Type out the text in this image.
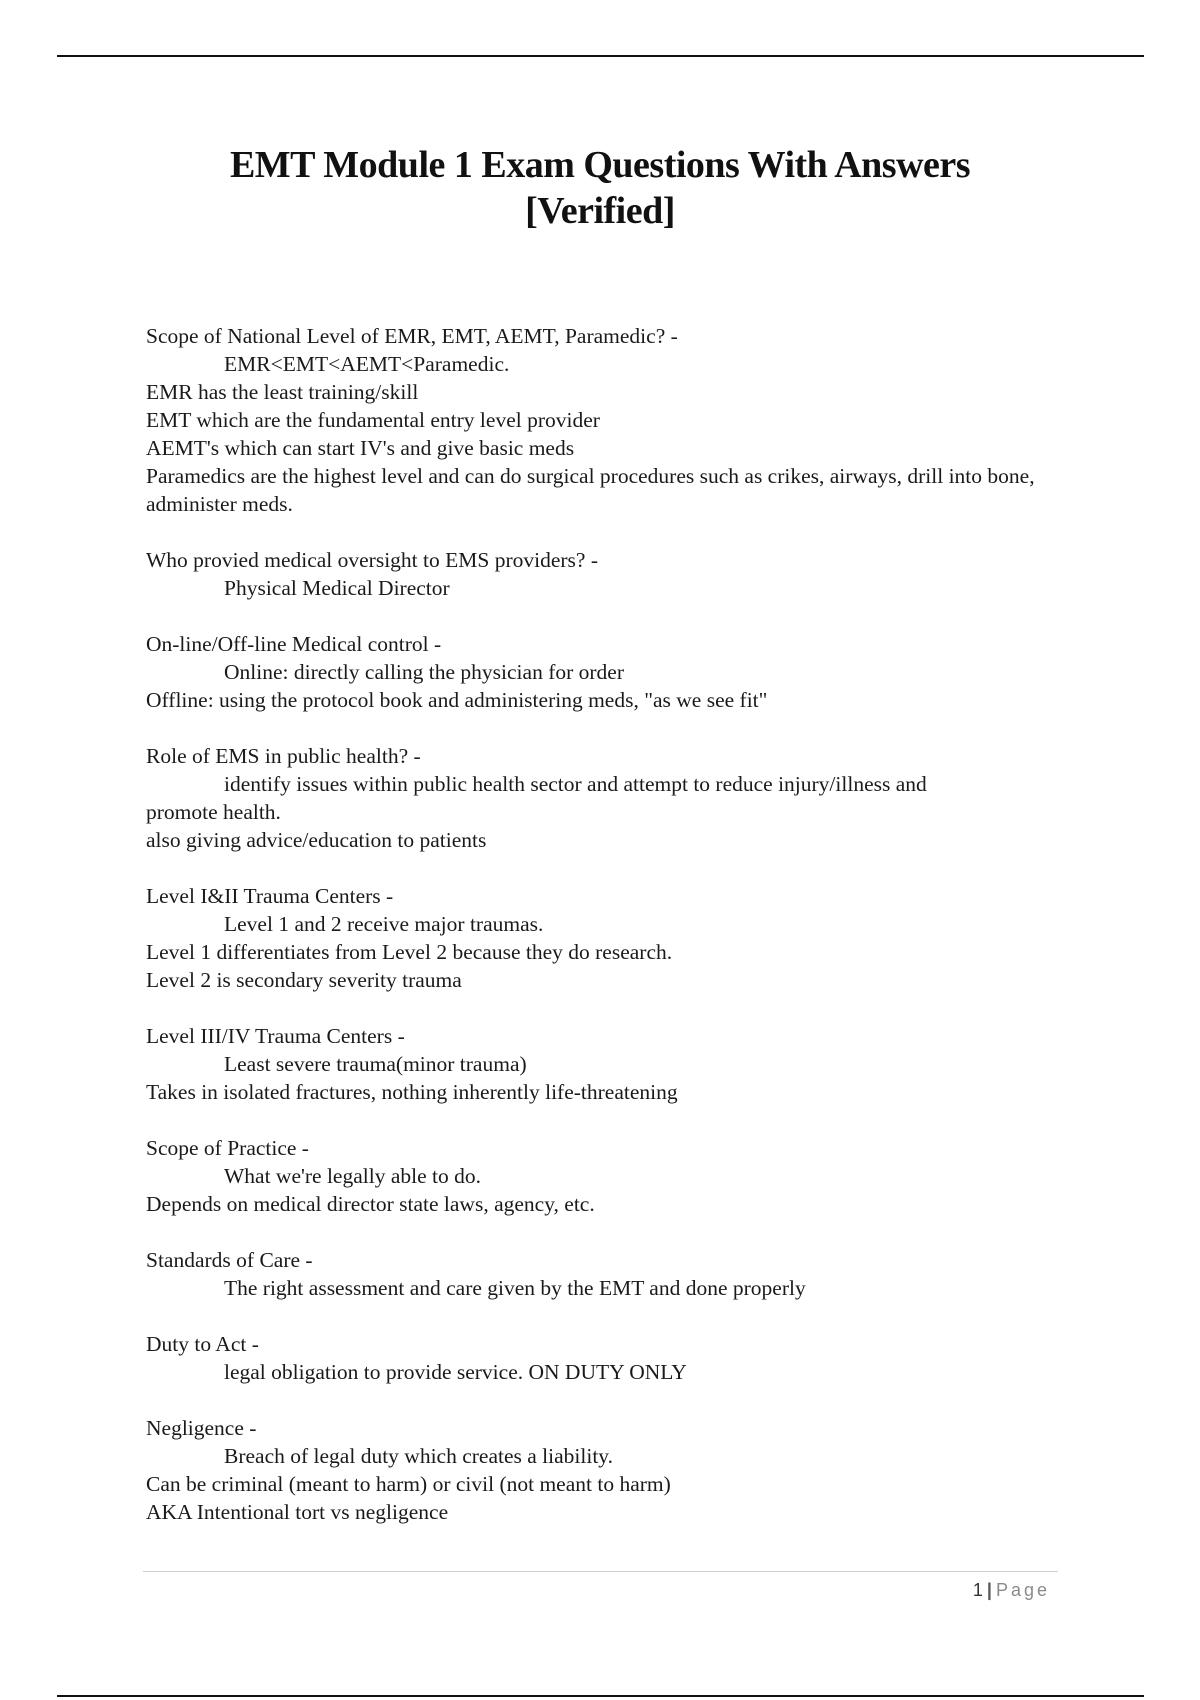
EMT Module 1 Exam Questions With Answers
[Verified]
Scope of National Level of EMR, EMT, AEMT, Paramedic? -
EMR<EMT<AEMT<Paramedic.
EMR has the least training/skill
EMT which are the fundamental entry level provider
AEMT's which can start IV's and give basic meds
Paramedics are the highest level and can do surgical procedures such as crikes, airways, drill into bone, administer meds.
Who provied medical oversight to EMS providers? -
Physical Medical Director
On-line/Off-line Medical control -
Online: directly calling the physician for order
Offline: using the protocol book and administering meds, "as we see fit"
Role of EMS in public health? -
identify issues within public health sector and attempt to reduce injury/illness and
promote health.
also giving advice/education to patients
Level I&II Trauma Centers -
Level 1 and 2 receive major traumas.
Level 1 differentiates from Level 2 because they do research.
Level 2 is secondary severity trauma
Level III/IV Trauma Centers -
Least severe trauma(minor trauma)
Takes in isolated fractures, nothing inherently life-threatening
Scope of Practice -
What we're legally able to do.
Depends on medical director state laws, agency, etc.
Standards of Care -
The right assessment and care given by the EMT and done properly
Duty to Act -
legal obligation to provide service. ON DUTY ONLY
Negligence -
Breach of legal duty which creates a liability.
Can be criminal (meant to harm) or civil (not meant to harm)
AKA Intentional tort vs negligence
1 | Page
